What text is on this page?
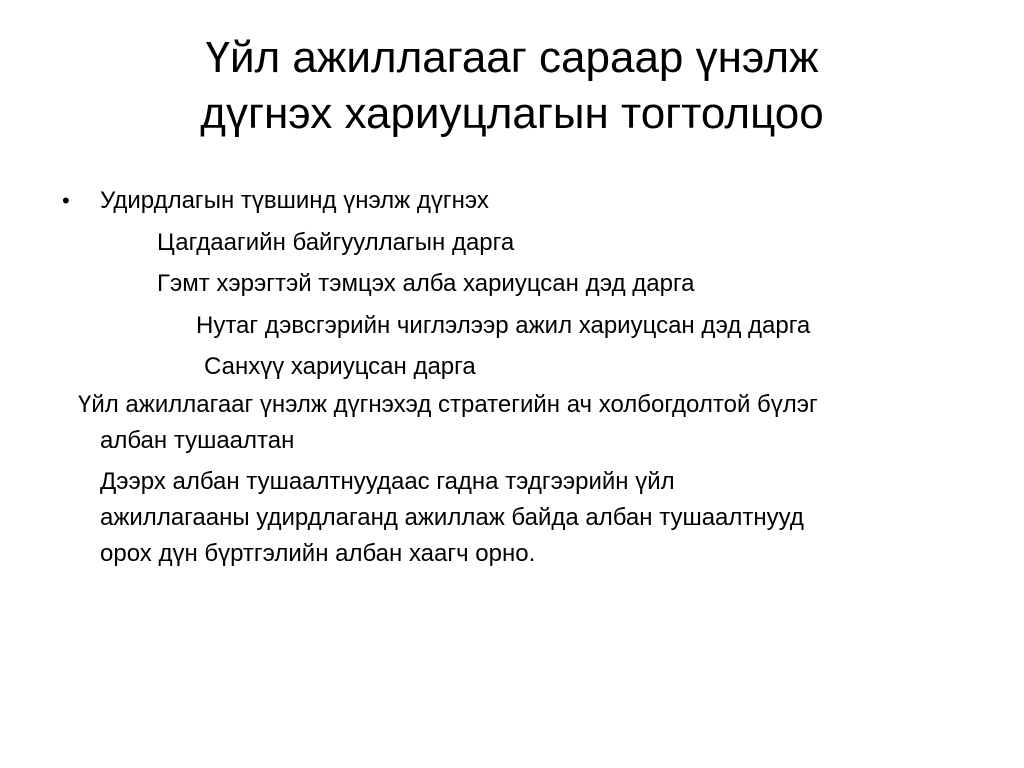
Үйл ажиллагааг сараар үнэлж
дүгнэх хариуцлагын тогтолцоо
• Удирдлагын түвшинд үнэлж дүгнэх
Цагдаагийн байгууллагын дарга
Гэмт хэрэгтэй тэмцэх алба хариуцсан дэд дарга
Нутаг дэвсгэрийн чиглэлээр ажил хариуцсан дэд дарга
Санхүү хариуцсан дарга
Үйл ажиллагааг үнэлж дүгнэхэд стратегийн ач холбогдолтой бүлэг
албан тушаалтан
Дээрх албан тушаалтнуудаас гадна тэдгээрийн үйл
ажиллагааны удирдлаганд ажиллаж байда албан тушаалтнууд
орох дүн бүртгэлийн албан хаагч орно.
